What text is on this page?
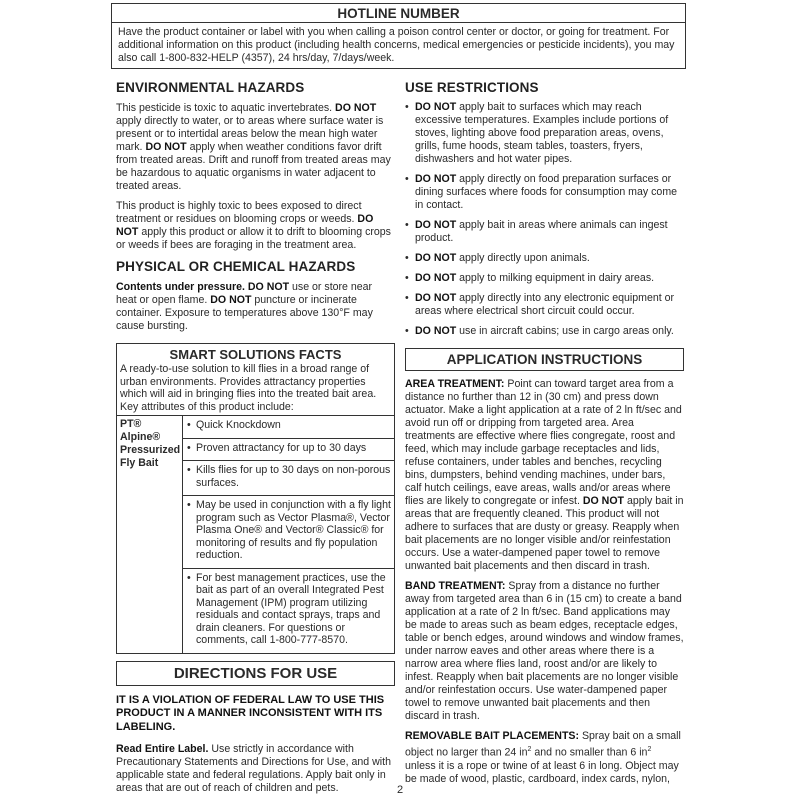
HOTLINE NUMBER
Have the product container or label with you when calling a poison control center or doctor, or going for treatment. For additional information on this product (including health concerns, medical emergencies or pesticide incidents), you may also call 1-800-832-HELP (4357), 24 hrs/day, 7/days/week.
ENVIRONMENTAL HAZARDS

This pesticide is toxic to aquatic invertebrates. DO NOT apply directly to water, or to areas where surface water is present or to intertidal areas below the mean high water mark. DO NOT apply when weather conditions favor drift from treated areas. Drift and runoff from treated areas may be hazardous to aquatic organisms in water adjacent to treated areas.

This product is highly toxic to bees exposed to direct treatment or residues on blooming crops or weeds. DO NOT apply this product or allow it to drift to blooming crops or weeds if bees are foraging in the treatment area.

PHYSICAL OR CHEMICAL HAZARDS

Contents under pressure. DO NOT use or store near heat or open flame. DO NOT puncture or incinerate container. Exposure to temperatures above 130°F may cause bursting.

SMART SOLUTIONS FACTS
A ready-to-use solution to kill flies in a broad range of urban environments. Provides attractancy properties which will aid in bringing flies into the treated bait area. Key attributes of this product include:
PT® Alpine® Pressurized Fly Bait
• Quick Knockdown
• Proven attractancy for up to 30 days
• Kills flies for up to 30 days on non-porous surfaces.
• May be used in conjunction with a fly light program such as Vector Plasma®, Vector Plasma One® and Vector® Classic® for monitoring of results and fly population reduction.
• For best management practices, use the bait as part of an overall Integrated Pest Management (IPM) program utilizing residuals and contact sprays, traps and drain cleaners. For questions or comments, call 1-800-777-8570.
DIRECTIONS FOR USE

IT IS A VIOLATION OF FEDERAL LAW TO USE THIS PRODUCT IN A MANNER INCONSISTENT WITH ITS LABELING.

Read Entire Label. Use strictly in accordance with Precautionary Statements and Directions for Use, and with applicable state and federal regulations. Apply bait only in areas that are out of reach of children and pets.

USE RESTRICTIONS
• DO NOT apply bait to surfaces which may reach excessive temperatures. Examples include portions of stoves, lighting above food preparation areas, ovens, grills, fume hoods, steam tables, toasters, fryers, dishwashers and hot water pipes.
• DO NOT apply directly on food preparation surfaces or dining surfaces where foods for consumption may come in contact.
• DO NOT apply bait in areas where animals can ingest product.
• DO NOT apply directly upon animals.
• DO NOT apply to milking equipment in dairy areas.
• DO NOT apply directly into any electronic equipment or areas where electrical short circuit could occur.
• DO NOT use in aircraft cabins; use in cargo areas only.
APPLICATION INSTRUCTIONS

AREA TREATMENT: Point can toward target area from a distance no further than 12 in (30 cm) and press down actuator. Make a light application at a rate of 2 ln ft/sec and avoid run off or dripping from targeted area. Area treatments are effective where flies congregate, roost and feed, which may include garbage receptacles and lids, refuse containers, under tables and benches, recycling bins, dumpsters, behind vending machines, under bars, calf hutch ceilings, eave areas, walls and/or areas where flies are likely to congregate or infest. DO NOT apply bait in areas that are frequently cleaned. This product will not adhere to surfaces that are dusty or greasy. Reapply when bait placements are no longer visible and/or reinfestation occurs. Use a water-dampened paper towel to remove unwanted bait placements and then discard in trash.

BAND TREATMENT: Spray from a distance no further away from targeted area than 6 in (15 cm) to create a band application at a rate of 2 ln ft/sec. Band applications may be made to areas such as beam edges, receptacle edges, table or bench edges, around windows and window frames, under narrow eaves and other areas where there is a narrow area where flies land, roost and/or are likely to infest. Reapply when bait placements are no longer visible and/or reinfestation occurs. Use water-dampened paper towel to remove unwanted bait placements and then discard in trash.

REMOVABLE BAIT PLACEMENTS: Spray bait on a small object no larger than 24 $in^2$ and no smaller than 6 $in^2$ unless it is a rope or twine of at least 6 in long. Object may be made of wood, plastic, cardboard, index cards, nylon,

2
